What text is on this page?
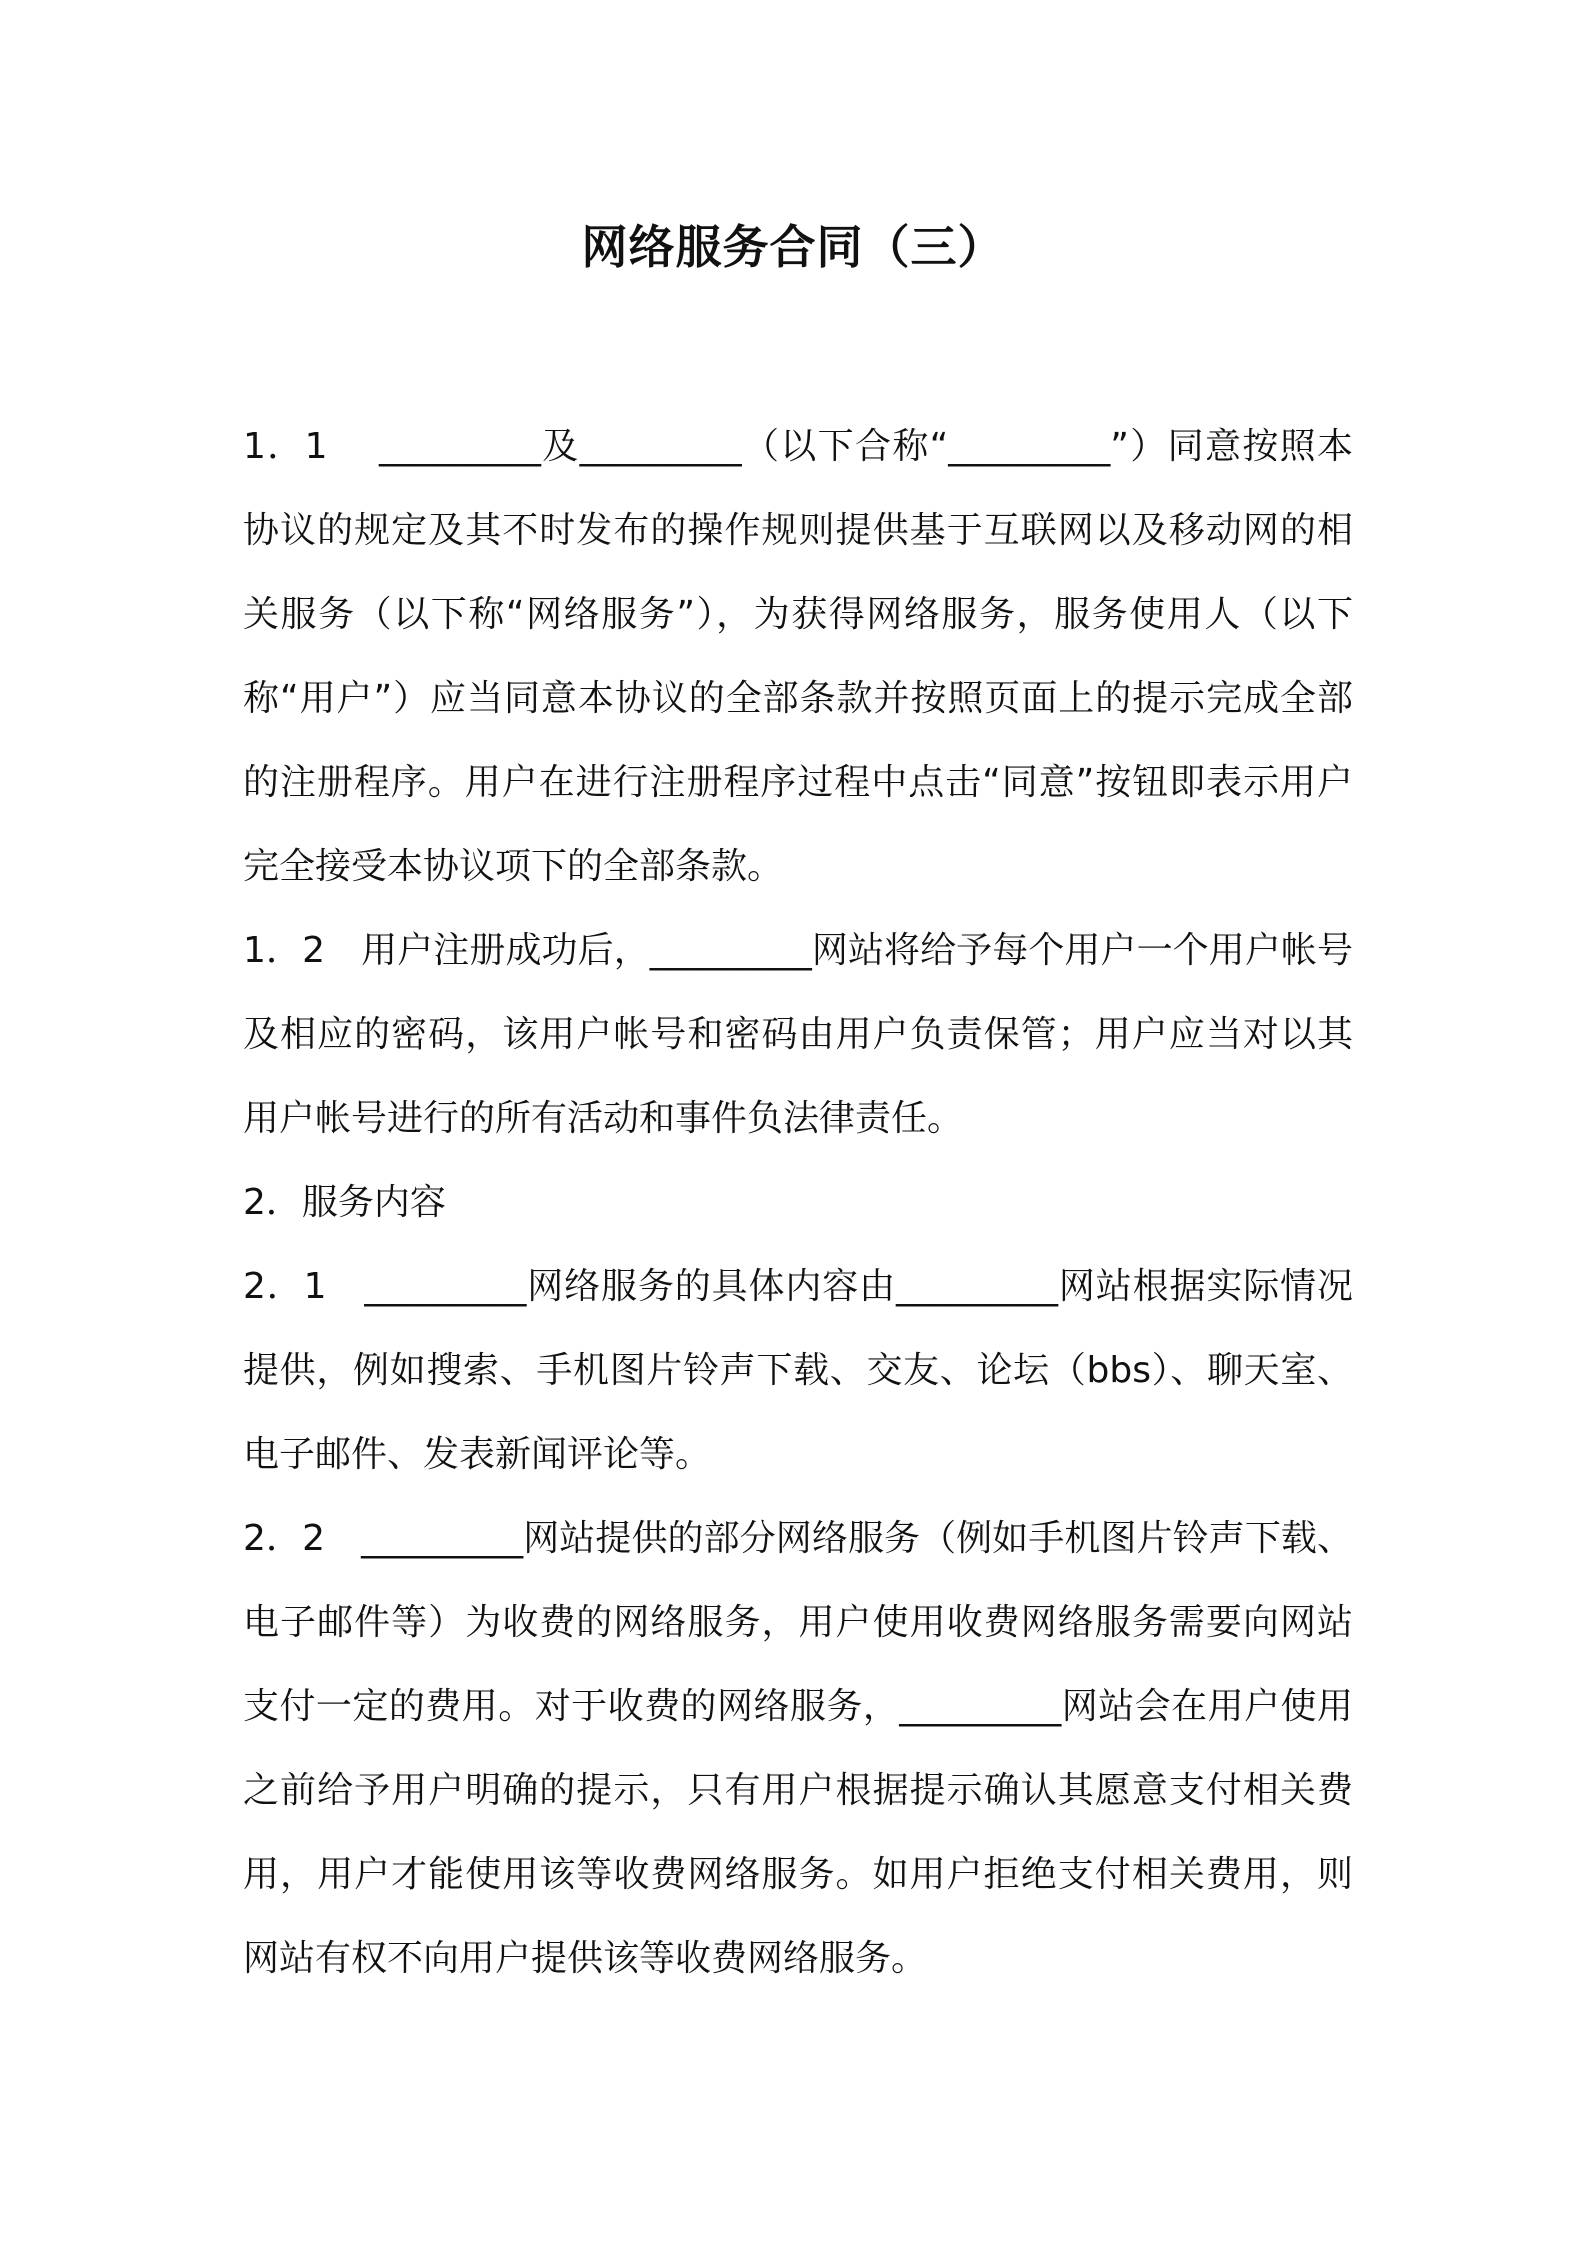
网络服务合同（三）

1．1　 _________及_________（以下合称“_________”）同意按照本协议的规定及其不时发布的操作规则提供基于互联网以及移动网的相关服务（以下称“网络服务”），为获得网络服务，服务使用人（以下称“用户”）应当同意本协议的全部条款并按照页面上的提示完成全部的注册程序。用户在进行注册程序过程中点击“同意”按钮即表示用户完全接受本协议项下的全部条款。

1．2　用户注册成功后，_________网站将给予每个用户一个用户帐号及相应的密码，该用户帐号和密码由用户负责保管；用户应当对以其用户帐号进行的所有活动和事件负法律责任。

2．服务内容

2．1　_________网络服务的具体内容由_________网站根据实际情况提供，例如搜索、手机图片铃声下载、交友、论坛（bbs）、聊天室、电子邮件、发表新闻评论等。

2．2　_________网站提供的部分网络服务（例如手机图片铃声下载、电子邮件等）为收费的网络服务，用户使用收费网络服务需要向网站支付一定的费用。对于收费的网络服务，_________网站会在用户使用之前给予用户明确的提示，只有用户根据提示确认其愿意支付相关费用，用户才能使用该等收费网络服务。如用户拒绝支付相关费用，则网站有权不向用户提供该等收费网络服务。
